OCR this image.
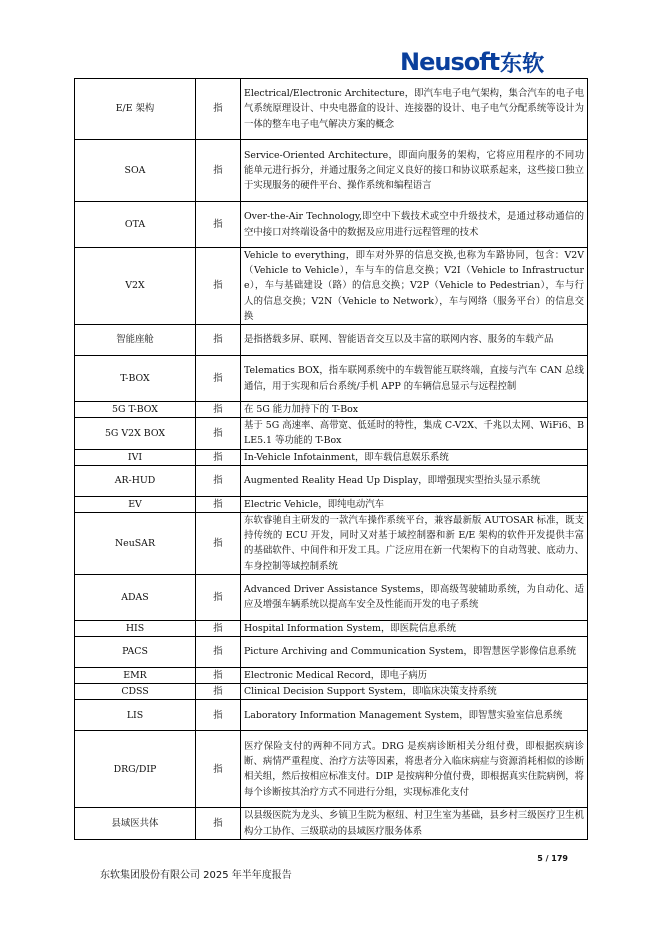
Neusoft 东软
E/E 架构	指	Electrical/Electronic Architecture，即汽车电子电气架构，集合汽车的电子电气系统原理设计、中央电器盒的设计、连接器的设计、电子电气分配系统等设计为一体的整车电子电气解决方案的概念
SOA	指	Service-Oriented Architecture，即面向服务的架构，它将应用程序的不同功能单元进行拆分，并通过服务之间定义良好的接口和协议联系起来，这些接口独立于实现服务的硬件平台、操作系统和编程语言
OTA	指	Over-the-Air Technology,即空中下载技术或空中升级技术，是通过移动通信的空中接口对终端设备中的数据及应用进行远程管理的技术
V2X	指	Vehicle to everything，即车对外界的信息交换,也称为车路协同，包含：V2V（Vehicle to Vehicle），车与车的信息交换；V2I（Vehicle to Infrastructure），车与基础建设（路）的信息交换；V2P（Vehicle to Pedestrian），车与行人的信息交换；V2N（Vehicle to Network），车与网络（服务平台）的信息交换
智能座舱	指	是指搭载多屏、联网、智能语音交互以及丰富的联网内容、服务的车载产品
T-BOX	指	Telematics BOX，指车联网系统中的车载智能互联终端，直接与汽车 CAN 总线通信，用于实现和后台系统/手机 APP 的车辆信息显示与远程控制
5G T-BOX	指	在 5G 能力加持下的 T-Box
5G V2X BOX	指	基于 5G 高速率、高带宽、低延时的特性，集成 C-V2X、千兆以太网、WiFi6、BLE5.1 等功能的 T-Box
IVI	指	In-Vehicle Infotainment，即车载信息娱乐系统
AR-HUD	指	Augmented Reality Head Up Display，即增强现实型抬头显示系统
EV	指	Electric Vehicle，即纯电动汽车
NeuSAR	指	东软睿驰自主研发的一款汽车操作系统平台，兼容最新版 AUTOSAR 标准，既支持传统的 ECU 开发，同时又对基于域控制器和新 E/E 架构的软件开发提供丰富的基础软件、中间件和开发工具。广泛应用在新一代架构下的自动驾驶、底动力、车身控制等域控制系统
ADAS	指	Advanced Driver Assistance Systems，即高级驾驶辅助系统，为自动化、适应及增强车辆系统以提高车安全及性能而开发的电子系统
HIS	指	Hospital Information System，即医院信息系统
PACS	指	Picture Archiving and Communication System，即智慧医学影像信息系统
EMR	指	Electronic Medical Record，即电子病历
CDSS	指	Clinical Decision Support System，即临床决策支持系统
LIS	指	Laboratory Information Management System，即智慧实验室信息系统
DRG/DIP	指	医疗保险支付的两种不同方式。DRG 是疾病诊断相关分组付费，即根据疾病诊断、病情严重程度、治疗方法等因素，将患者分入临床病症与资源消耗相似的诊断相关组，然后按相应标准支付。DIP 是按病种分值付费，即根据真实住院病例，将每个诊断按其治疗方式不同进行分组，实现标准化支付
县域医共体	指	以县级医院为龙头、乡镇卫生院为枢纽、村卫生室为基础，县乡村三级医疗卫生机构分工协作、三级联动的县域医疗服务体系
5 / 179
东软集团股份有限公司 2025 年半年度报告
